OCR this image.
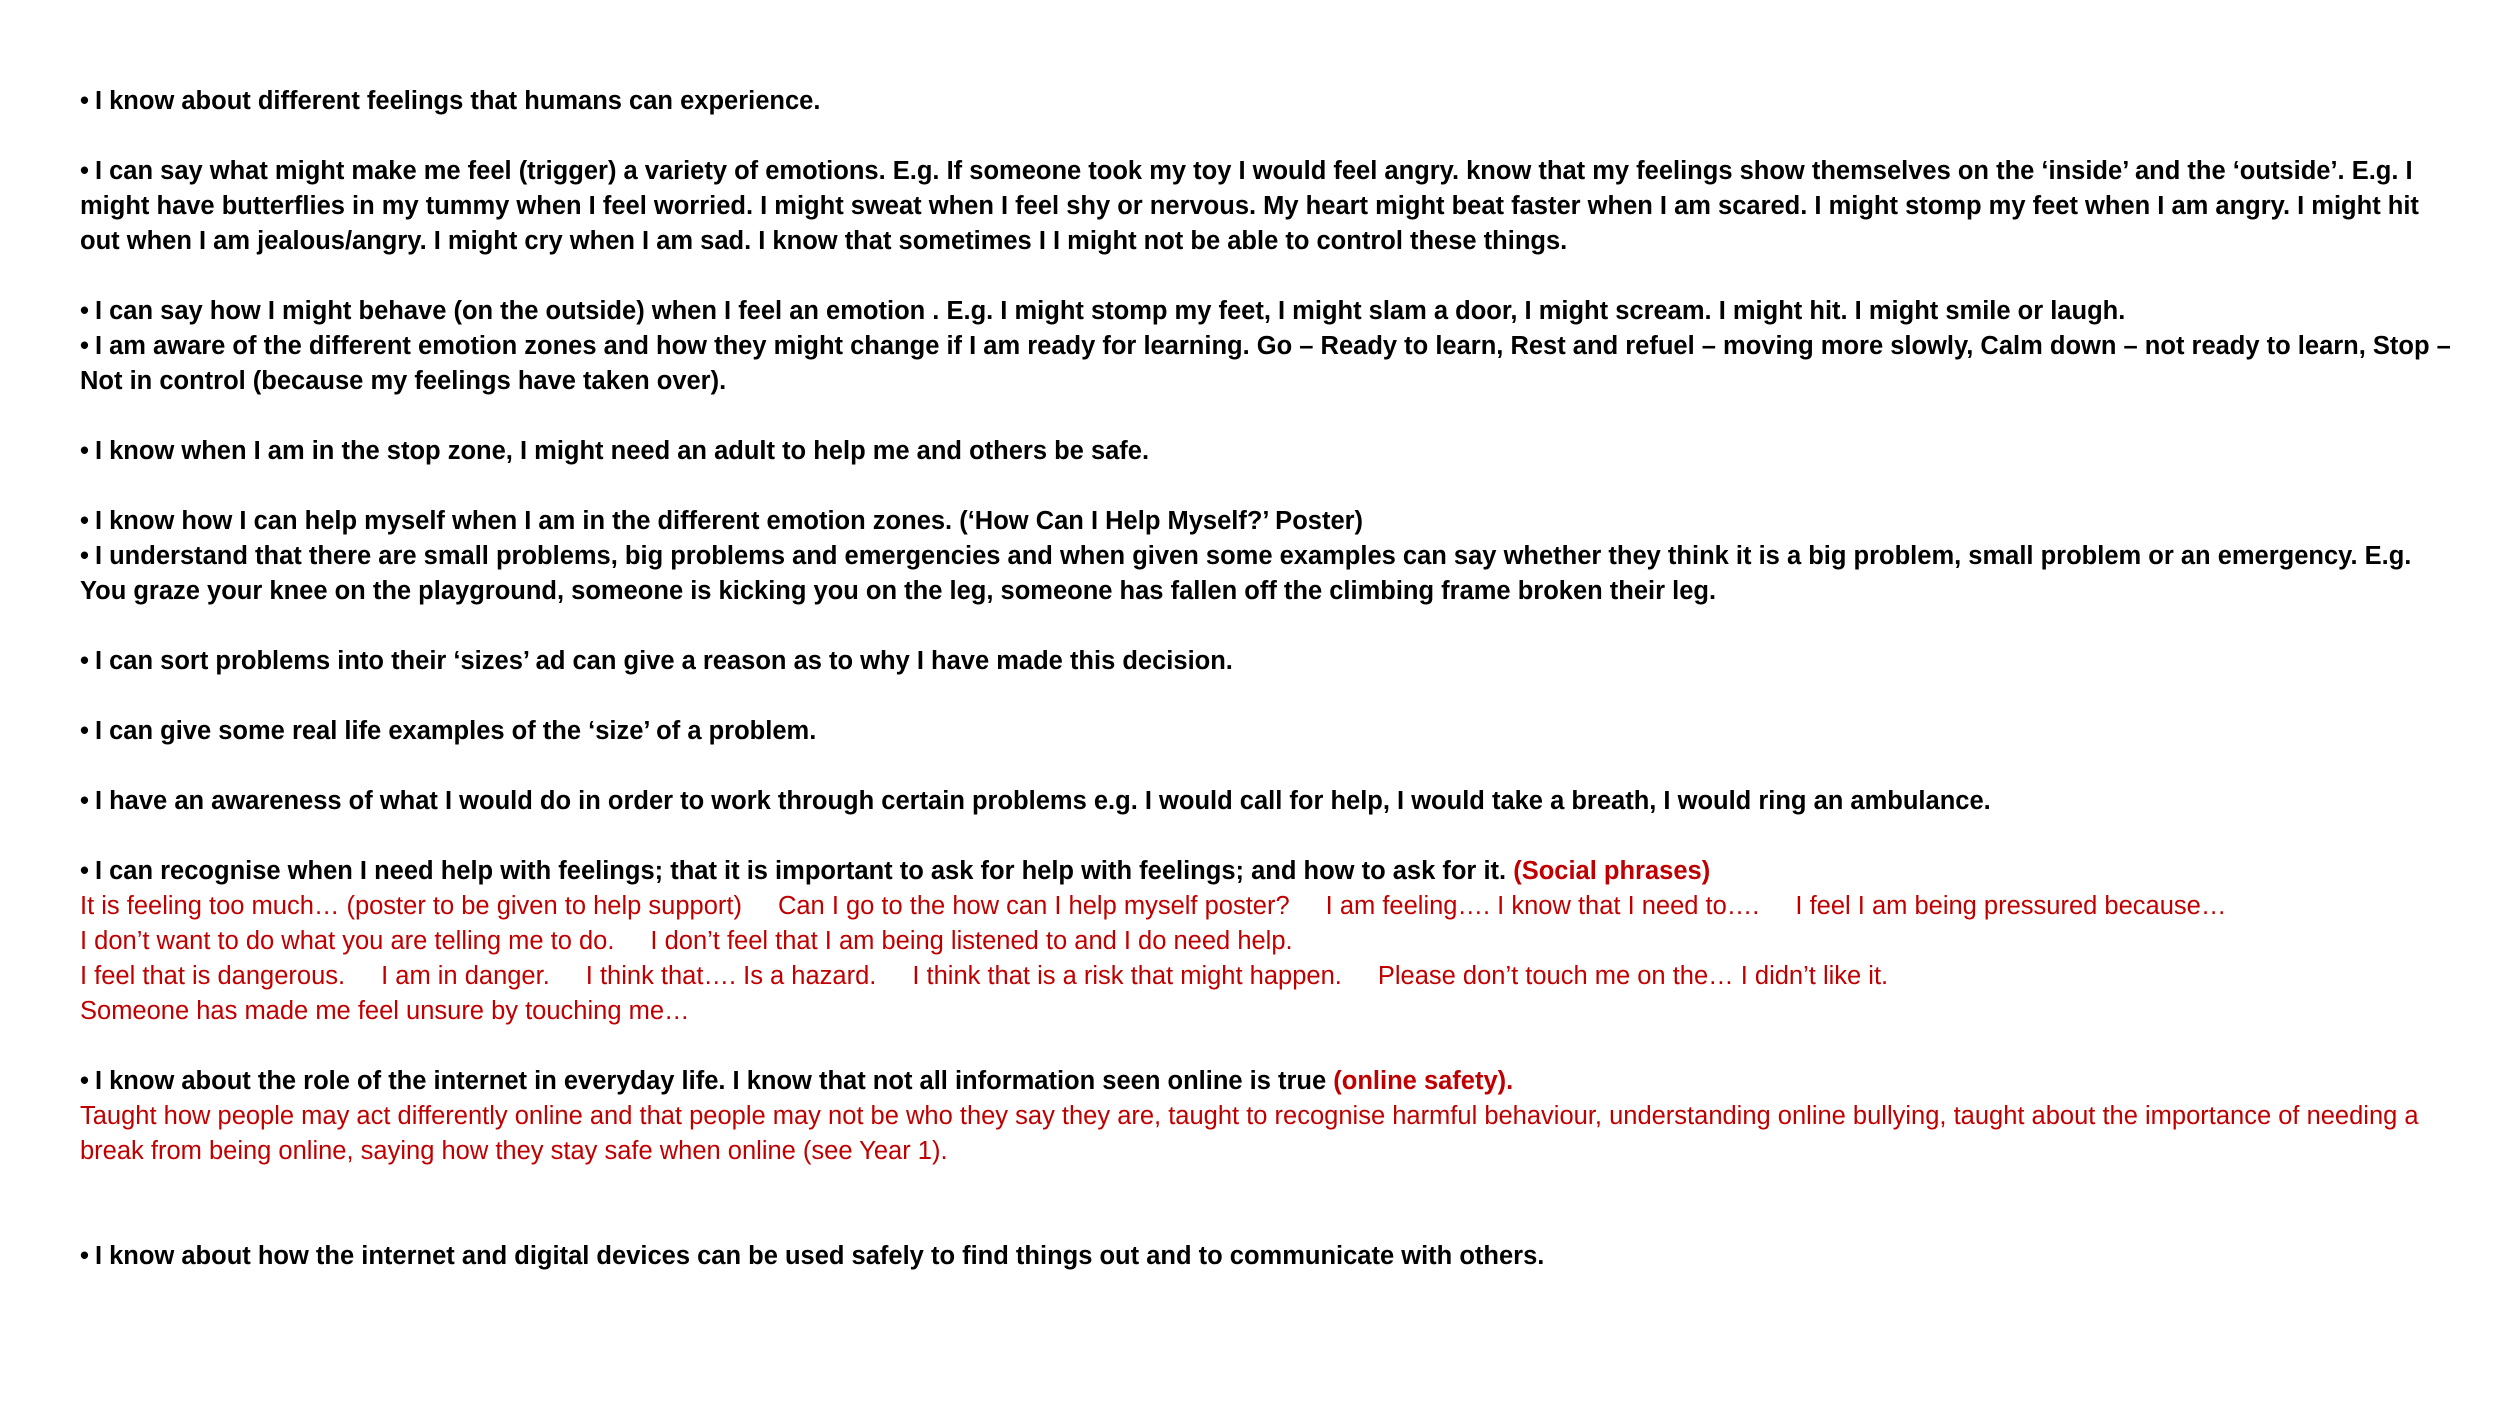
• I know about different feelings that humans can experience.

• I can say what might make me feel (trigger) a variety of emotions. E.g. If someone took my toy I would feel angry. know that my feelings show themselves on the ‘inside’ and the ‘outside’. E.g. I might have butterflies in my tummy when I feel worried. I might sweat when I feel shy or nervous. My heart might beat faster when I am scared. I might stomp my feet when I am angry. I might hit out when I am jealous/angry. I might cry when I am sad. I know that sometimes I I might not be able to control these things.

• I can say how I might behave (on the outside) when I feel an emotion . E.g. I might stomp my feet, I might slam a door, I might scream. I might hit. I might smile or laugh.

• I am aware of the different emotion zones and how they might change if I am ready for learning. Go – Ready to learn, Rest and refuel – moving more slowly, Calm down – not ready to learn, Stop – Not in control (because my feelings have taken over).

• I know when I am in the stop zone, I might need an adult to help me and others be safe.

• I know how I can help myself when I am in the different emotion zones. (‘How Can I Help Myself?’ Poster)

• I understand that there are small problems, big problems and emergencies and when given some examples can say whether they think it is a big problem, small problem or an emergency. E.g. You graze your knee on the playground, someone is kicking you on the leg, someone has fallen off the climbing frame broken their leg.

• I can sort problems into their ‘sizes’ ad can give a reason as to why I have made this decision.

• I can give some real life examples of the ‘size’ of a problem.

• I have an awareness of what I would do in order to work through certain problems e.g. I would call for help, I would take a breath, I would ring an ambulance.

• I can recognise when I need help with feelings; that it is important to ask for help with feelings; and how to ask for it. (Social phrases)

It is feeling too much… (poster to be given to help support) Can I go to the how can I help myself poster? I am feeling…. I know that I need to…. I feel I am being pressured because…
I don’t want to do what you are telling me to do. I don’t feel that I am being listened to and I do need help.
I feel that is dangerous. I am in danger. I think that…. Is a hazard. I think that is a risk that might happen. Please don’t touch me on the… I didn’t like it.
Someone has made me feel unsure by touching me…

• I know about the role of the internet in everyday life. I know that not all information seen online is true (online safety).

Taught how people may act differently online and that people may not be who they say they are, taught to recognise harmful behaviour, understanding online bullying, taught about the importance of needing a break from being online, saying how they stay safe when online (see Year 1).

• I know about how the internet and digital devices can be used safely to find things out and to communicate with others.
